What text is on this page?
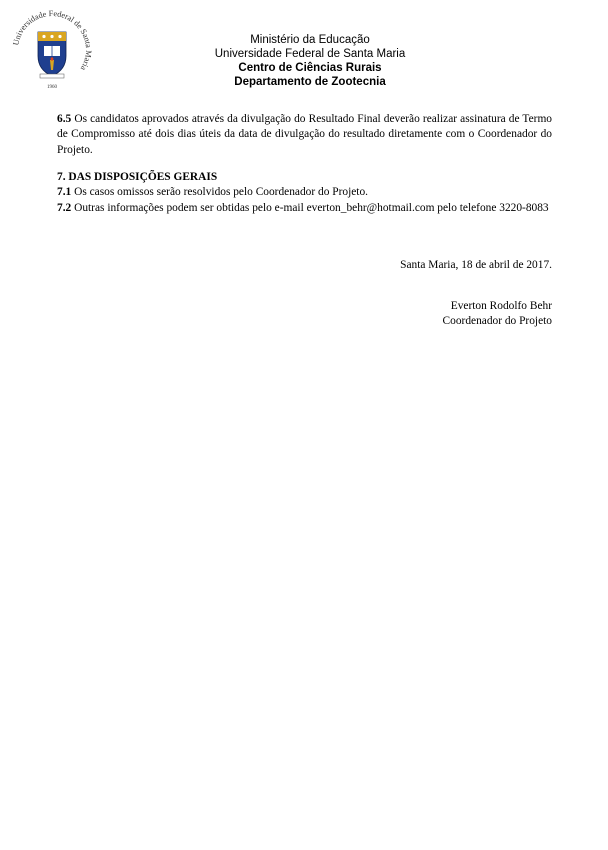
Universidade Federal de Santa Maria
1960
Ministério da Educação
Universidade Federal de Santa Maria
Centro de Ciências Rurais
Departamento de Zootecnia
6.5 Os candidatos aprovados através da divulgação do Resultado Final deverão realizar assinatura de Termo de Compromisso até dois dias úteis da data de divulgação do resultado diretamente com o Coordenador do Projeto.
7. DAS DISPOSIÇÕES GERAIS
7.1 Os casos omissos serão resolvidos pelo Coordenador do Projeto.
7.2 Outras informações podem ser obtidas pelo e-mail everton_behr@hotmail.com pelo telefone 3220-8083
Santa Maria, 18 de abril de 2017.
Everton Rodolfo Behr
Coordenador do Projeto
